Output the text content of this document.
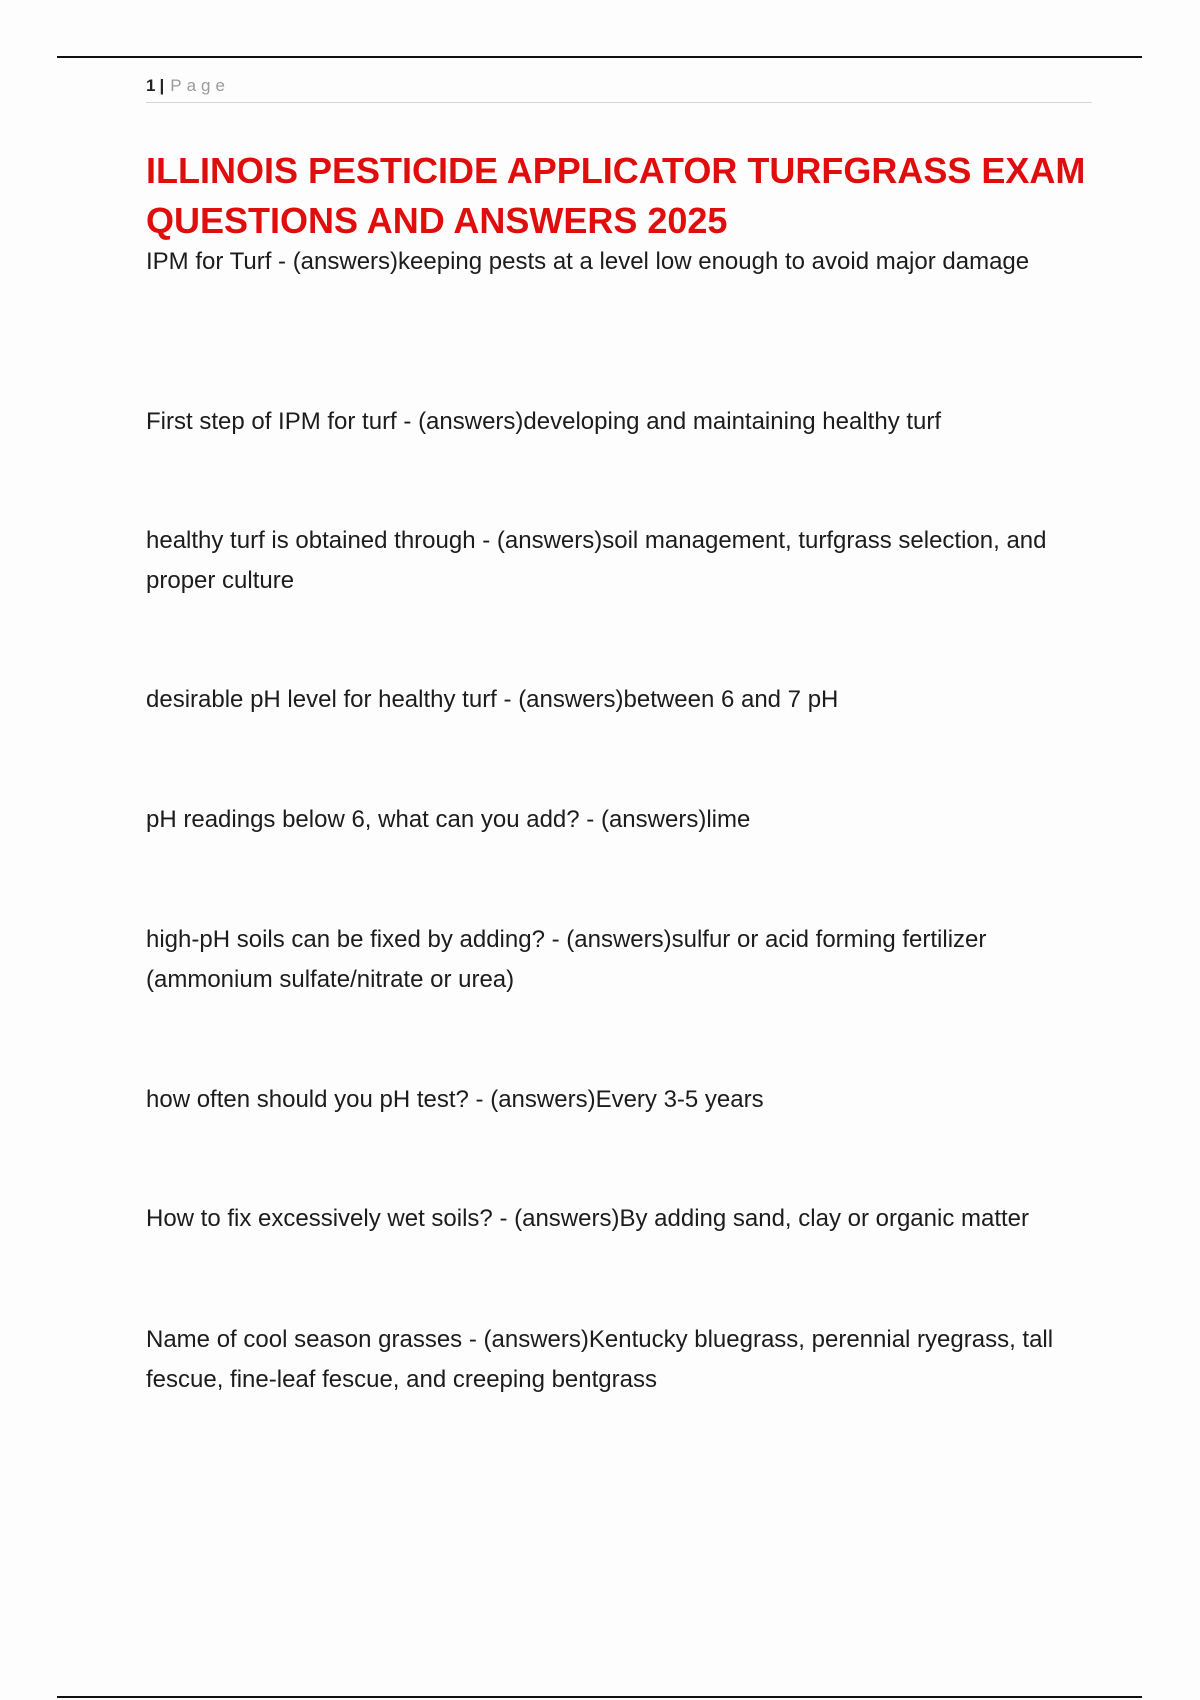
1 | Page
ILLINOIS PESTICIDE APPLICATOR TURFGRASS EXAM QUESTIONS AND ANSWERS 2025

IPM for Turf - (answers)keeping pests at a level low enough to avoid major damage

First step of IPM for turf - (answers)developing and maintaining healthy turf

healthy turf is obtained through - (answers)soil management, turfgrass selection, and proper culture

desirable pH level for healthy turf - (answers)between 6 and 7 pH

pH readings below 6, what can you add? - (answers)lime

high-pH soils can be fixed by adding? - (answers)sulfur or acid forming fertilizer (ammonium sulfate/nitrate or urea)

how often should you pH test? - (answers)Every 3-5 years

How to fix excessively wet soils? - (answers)By adding sand, clay or organic matter

Name of cool season grasses - (answers)Kentucky bluegrass, perennial ryegrass, tall fescue, fine-leaf fescue, and creeping bentgrass
